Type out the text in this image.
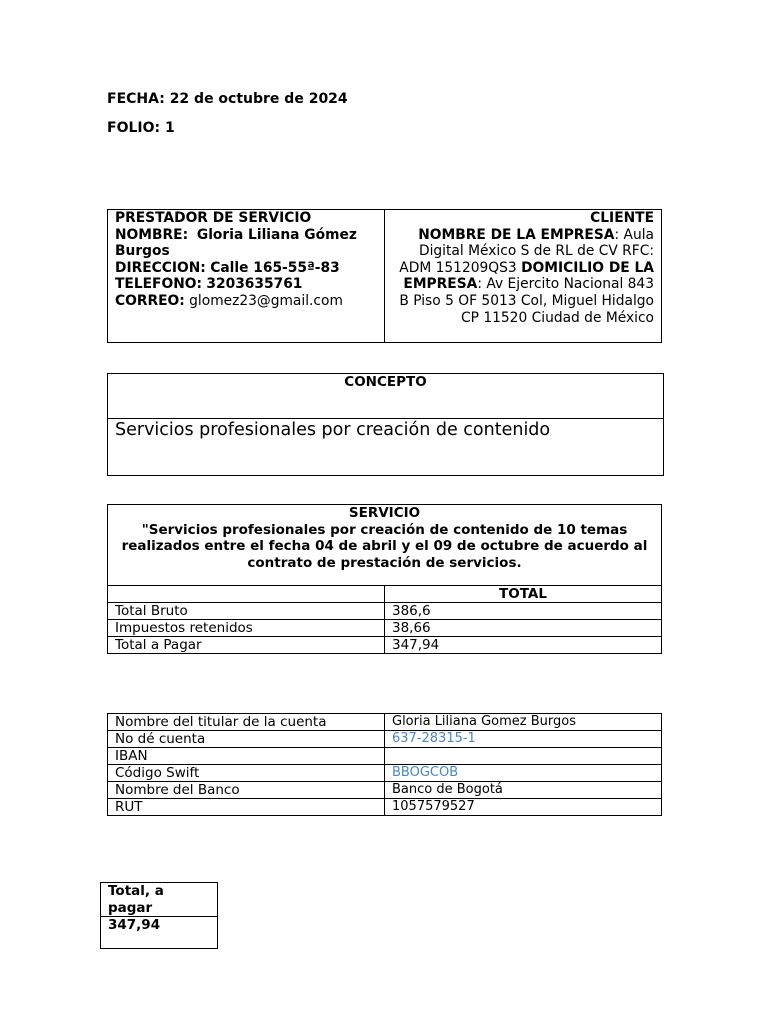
FECHA: 22 de octubre de 2024
FOLIO: 1
PRESTADOR DE SERVICIO
NOMBRE: Gloria Liliana Gómez Burgos
DIRECCION: Calle 165-55ª-83
TELEFONO: 3203635761
CORREO: glomez23@gmail.com

CLIENTE
NOMBRE DE LA EMPRESA: Aula Digital México S de RL de CV RFC: ADM 151209QS3 DOMICILIO DE LA EMPRESA: Av Ejercito Nacional 843 B Piso 5 OF 5013 Col, Miguel Hidalgo CP 11520 Ciudad de México
CONCEPTO
Servicios profesionales por creación de contenido
SERVICIO
"Servicios profesionales por creación de contenido de 10 temas realizados entre el fecha 04 de abril y el 09 de octubre de acuerdo al contrato de prestación de servicios.	

	TOTAL
Total Bruto	386,6
Impuestos retenidos	38,66
Total a Pagar	347,94
Nombre del titular de la cuenta	Gloria Liliana Gomez Burgos
No dé cuenta	637-28315-1
IBAN	
Código Swift	BBOGCOB
Nombre del Banco	Banco de Bogotá
RUT	1057579527
Total, a pagar
347,94
